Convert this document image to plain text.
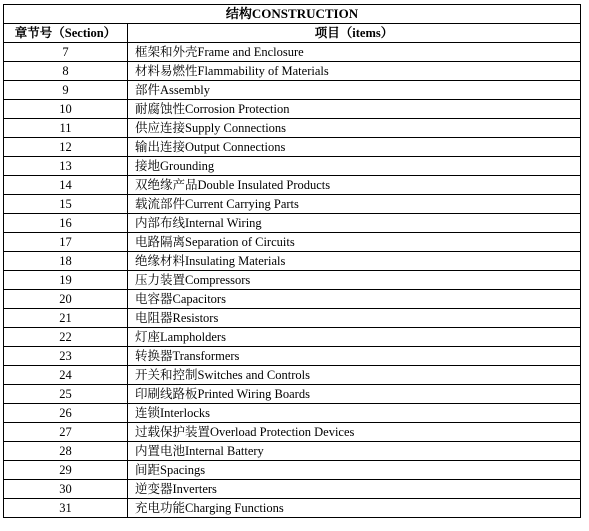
结构CONSTRUCTION	
章节号（Section）	项目（items）
7	框架和外壳Frame and Enclosure
8	材料易燃性Flammability of Materials
9	部件Assembly
10	耐腐蚀性Corrosion Protection
11	供应连接Supply Connections
12	输出连接Output Connections
13	接地Grounding
14	双绝缘产品Double Insulated Products
15	载流部件Current Carrying Parts
16	内部布线Internal Wiring
17	电路隔离Separation of Circuits
18	绝缘材料Insulating Materials
19	压力装置Compressors
20	电容器Capacitors
21	电阻器Resistors
22	灯座Lampholders
23	转换器Transformers
24	开关和控制Switches and Controls
25	印刷线路板Printed Wiring Boards
26	连锁Interlocks
27	过载保护装置Overload Protection Devices
28	内置电池Internal Battery
29	间距Spacings
30	逆变器Inverters
31	充电功能Charging Functions
